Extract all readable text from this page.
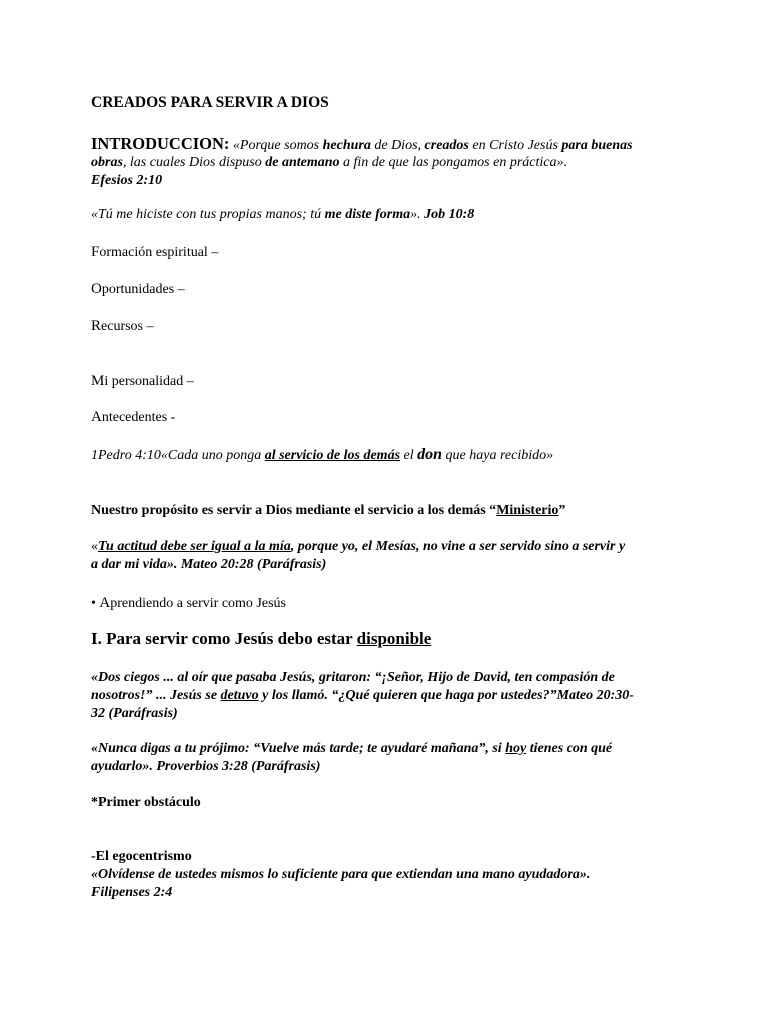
CREADOS PARA SERVIR A DIOS
INTRODUCCION: «Porque somos hechura de Dios, creados en Cristo Jesús para buenas
obras, las cuales Dios dispuso de antemano a fin de que las pongamos en práctica».
Efesios 2:10
«Tú me hiciste con tus propias manos; tú me diste forma». Job 10:8
Formación espiritual –
Oportunidades –
Recursos –
Mi personalidad –
Antecedentes -
1Pedro 4:10«Cada uno ponga al servicio de los demás el don que haya recibido»
Nuestro propósito es servir a Dios mediante el servicio a los demás “Ministerio”
«Tu actitud debe ser igual a la mía, porque yo, el Mesías, no vine a ser servido sino a servir y
a dar mi vida». Mateo 20:28 (Paráfrasis)
• Aprendiendo a servir como Jesús
I. Para servir como Jesús debo estar disponible
«Dos ciegos ... al oír que pasaba Jesús, gritaron: “¡Señor, Hijo de David, ten compasión de
nosotros!” ... Jesús se detuvo y los llamó. “¿Qué quieren que haga por ustedes?”Mateo 20:30-
32 (Paráfrasis)
«Nunca digas a tu prójimo: “Vuelve más tarde; te ayudaré mañana”, si hoy tienes con qué
ayudarlo». Proverbios 3:28 (Paráfrasis)
*Primer obstáculo
-El egocentrismo
«Olvídense de ustedes mismos lo suficiente para que extiendan una mano ayudadora».
Filipenses 2:4
